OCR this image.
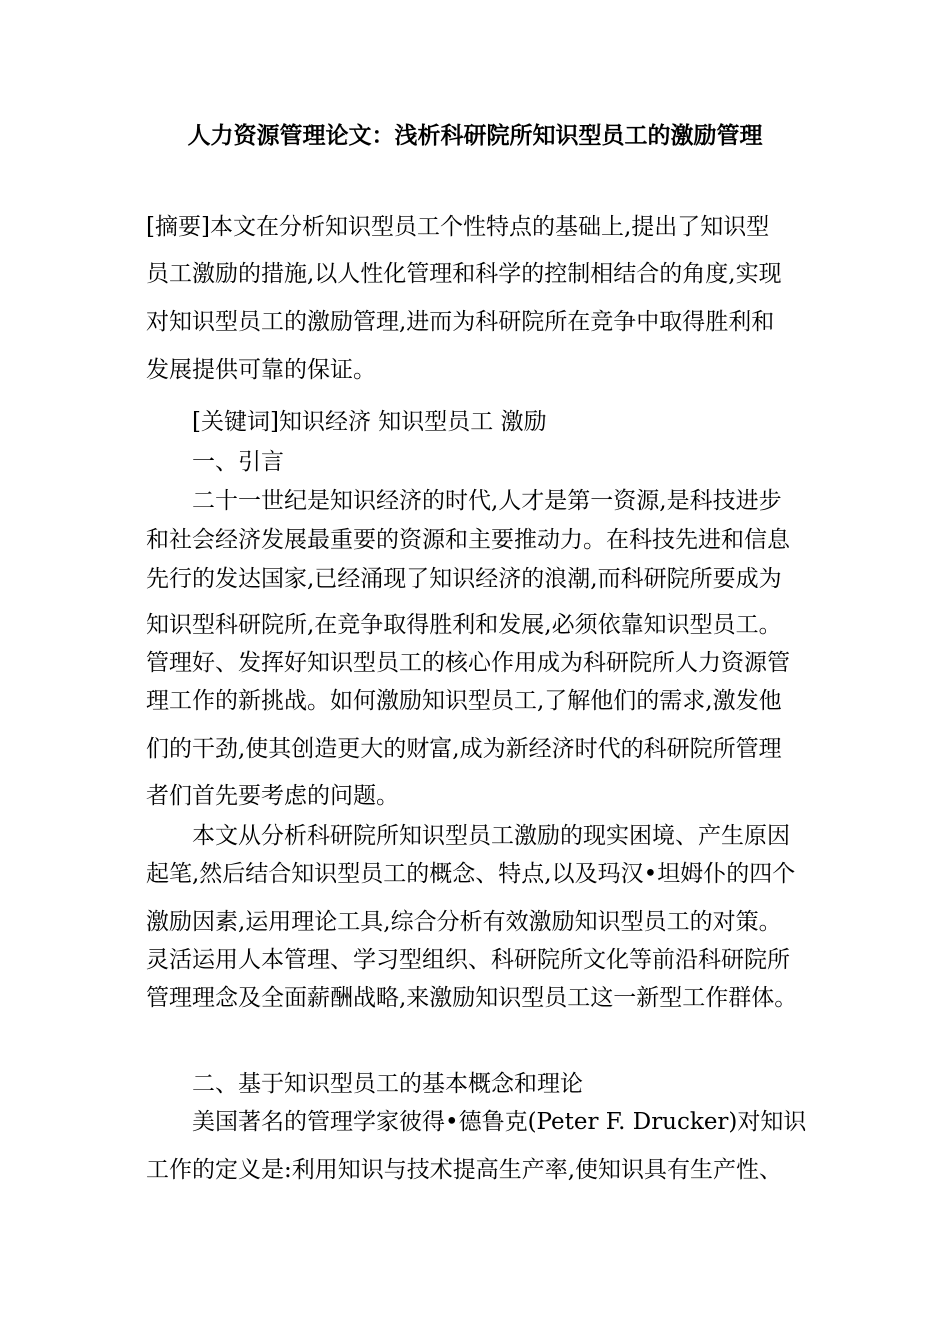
人力资源管理论文：浅析科研院所知识型员工的激励管理
[摘要]本文在分析知识型员工个性特点的基础上,提出了知识型
员工激励的措施,以人性化管理和科学的控制相结合的角度,实现
对知识型员工的激励管理,进而为科研院所在竞争中取得胜利和
发展提供可靠的保证。
[关键词]知识经济 知识型员工 激励
一、引言
二十一世纪是知识经济的时代,人才是第一资源,是科技进步
和社会经济发展最重要的资源和主要推动力。在科技先进和信息
先行的发达国家,已经涌现了知识经济的浪潮,而科研院所要成为
知识型科研院所,在竞争取得胜利和发展,必须依靠知识型员工。
管理好、发挥好知识型员工的核心作用成为科研院所人力资源管
理工作的新挑战。如何激励知识型员工,了解他们的需求,激发他
们的干劲,使其创造更大的财富,成为新经济时代的科研院所管理
者们首先要考虑的问题。
本文从分析科研院所知识型员工激励的现实困境、产生原因
起笔,然后结合知识型员工的概念、特点,以及玛汉•坦姆仆的四个
激励因素,运用理论工具,综合分析有效激励知识型员工的对策。
灵活运用人本管理、学习型组织、科研院所文化等前沿科研院所
管理理念及全面薪酬战略,来激励知识型员工这一新型工作群体。
二、基于知识型员工的基本概念和理论
美国著名的管理学家彼得•德鲁克(Peter F. Drucker)对知识
工作的定义是:利用知识与技术提高生产率,使知识具有生产性、
